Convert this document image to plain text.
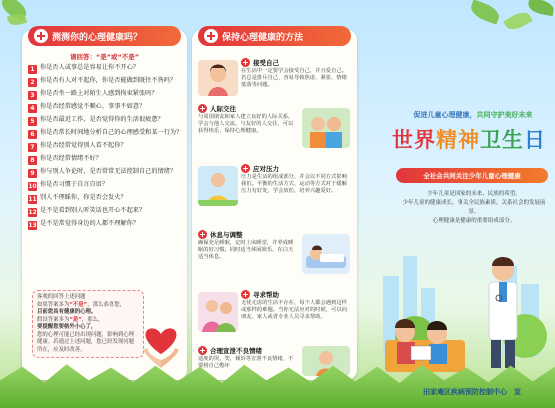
测测你的心理健康吗？
请回答：“是”或“不是”
1 你是否人或事总是容易让你不开心？
2 你是否有人对不起你，你是否能做到既往不咎吗？
3 你是否坐一路上对陌生人感到拘束紧张吗？
4 你是否经常感觉不顺心、事事不如意？
5 你是否最近工作，是否觉得你的生活很疲惫？
6 你是否常长时间地分析自己的心理感受和某一行为？
7 你是否经常觉得别人看不起你？
8 你是否经常情绪不好？
9 你与别人争论时，是否常常无法控制自己的情绪？
10 你是否习惯于自言自语？
11 别人不理睬你，你是否会发火？
12 是不是看到别人听笑话也开心不起来？
13 是不是常觉得身边的人都不理解你？
客观的回答上述问题
如果答案多为“不是”，那么恭喜您，
目前您具有健康的心理。
假设答案多为“是”，那么，
要提醒您要格外小心了，
您的心理可能已经出现问题，影响到心理健康。若通过上述问题，您已经发现问题所在，应及时改善。
保持心理健康的方法
接受自己
在生活中一定要学会接受自己，并且爱自己。若总是排斥自己，容易导致焦虑、紧张、情绪低落等问题。
人际交往
与周围朋友和家人建立良好的人际关系，学会与他人交流。与友好的人交往，可以获得快乐，保持心理健康。
应对压力
压力是生活的组成部分，并会以不同方式影响我们。平衡的生活方式、运动等方式对于缓解压力有好处，学会放松、培养兴趣爱好。
休息与调整
确保充足睡眠，定时上床睡觉，并养成睡眠的好习惯。同时适当休闲娱乐，在白天适当休息。
寻求帮助
无忧无虑的生活不存在，每个人都会遇到这样或那样的难题。当你无法应对的时候，可以向朋友、家人或者专业人员寻求帮助。
合理宣泄不良情绪
适度的哭、笑、倾诉等宣泄不良情绪，不要将自己憋坏
促进儿童心理健康，共同守护美好未来
世界精神卫生日
全社会共同关注少年儿童心理健康
少年儿童是国家的未来、民族的希望。
少年儿童的健康成长，事关全民族素质，关系社会的发展前景。
心理健康是健康的重要组成部分。
田家庵区疾病预防控制中心　宣
